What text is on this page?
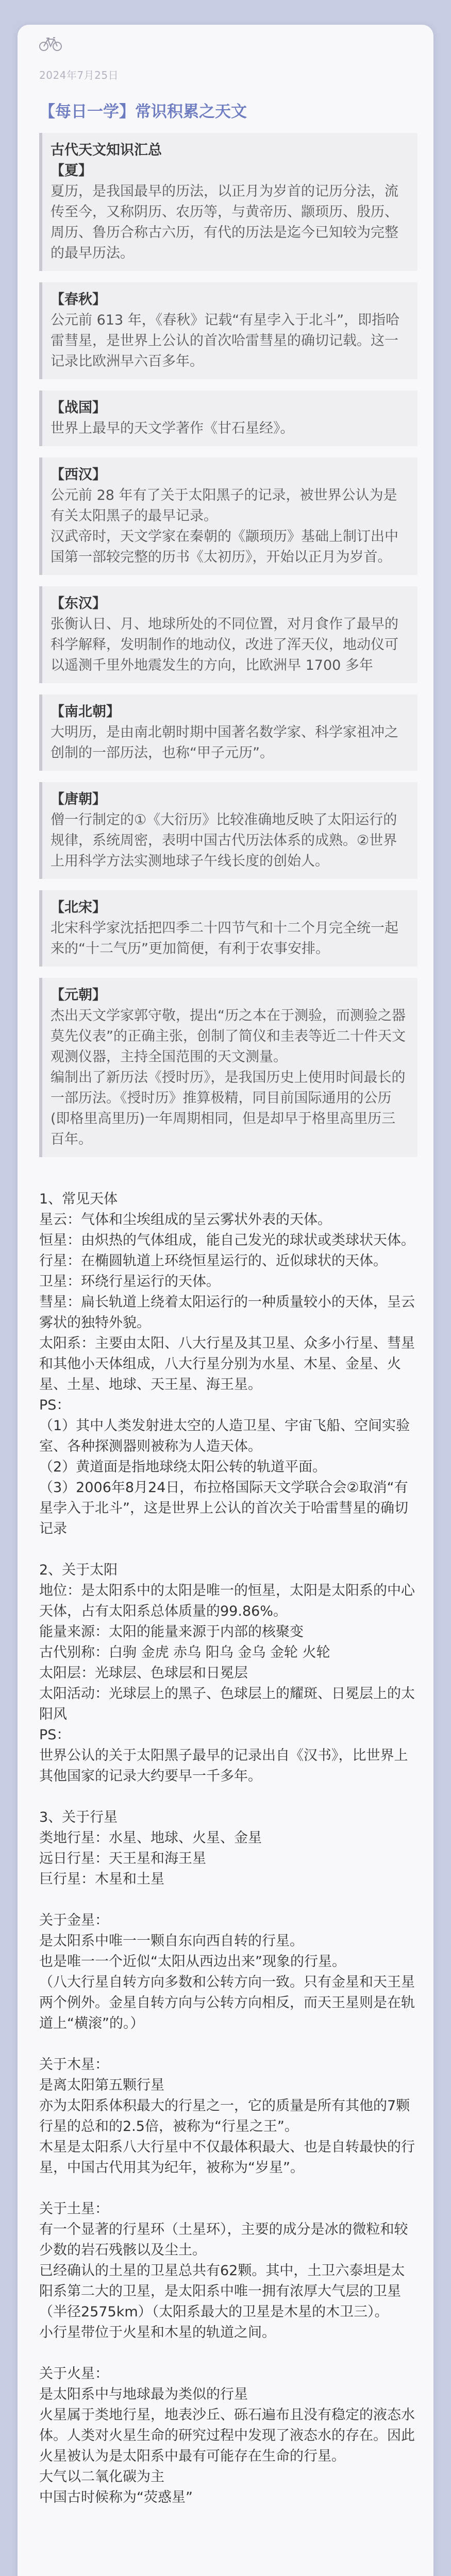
2024年7月25日
【每日一学】常识积累之天文

古代天文知识汇总

【夏】

夏历，是我国最早的历法，以正月为岁首的记历分法，流传至今，又称阴历、农历等，与黄帝历、颛顼历、殷历、周历、鲁历合称古六历，有代的历法是迄今已知较为完整的最早历法。

【春秋】

公元前 613 年，《春秋》记载“有星孛入于北斗”，即指哈雷彗星，是世界上公认的首次哈雷彗星的确切记载。这一记录比欧洲早六百多年。

【战国】

世界上最早的天文学著作《甘石星经》。

【西汉】

公元前 28 年有了关于太阳黑子的记录，被世界公认为是有关太阳黑子的最早记录。

汉武帝时，天文学家在秦朝的《颛顼历》基础上制订出中国第一部较完整的历书《太初历》，开始以正月为岁首。

【东汉】

张衡认日、月、地球所处的不同位置，对月食作了最早的科学解释，发明制作的地动仪，改进了浑天仪，地动仪可以遥测千里外地震发生的方向，比欧洲早 1700 多年

【南北朝】

大明历，是由南北朝时期中国著名数学家、科学家祖冲之创制的一部历法，也称“甲子元历”。

【唐朝】

僧一行制定的①《大衍历》比较准确地反映了太阳运行的规律，系统周密，表明中国古代历法体系的成熟。②世界上用科学方法实测地球子午线长度的创始人。

【北宋】

北宋科学家沈括把四季二十四节气和十二个月完全统一起来的“十二气历”更加简便，有利于农事安排。

【元朝】

杰出天文学家郭守敬，提出“历之本在于测验，而测验之器莫先仪表”的正确主张，创制了简仪和圭表等近二十件天文观测仪器，主持全国范围的天文测量。

编制出了新历法《授时历》，是我国历史上使用时间最长的一部历法。《授时历》推算极精，同目前国际通用的公历(即格里高里历)一年周期相同，但是却早于格里高里历三百年。

1、常见天体

星云：气体和尘埃组成的呈云雾状外表的天体。

恒星：由炽热的气体组成，能自己发光的球状或类球状天体。

行星：在椭圆轨道上环绕恒星运行的、近似球状的天体。

卫星：环绕行星运行的天体。

彗星：扁长轨道上绕着太阳运行的一种质量较小的天体，呈云雾状的独特外貌。

太阳系：主要由太阳、八大行星及其卫星、众多小行星、彗星和其他小天体组成，八大行星分别为水星、木星、金星、火星、土星、地球、天王星、海王星。

PS：

（1）其中人类发射进太空的人造卫星、宇宙飞船、空间实验室、各种探测器则被称为人造天体。

（2）黄道面是指地球绕太阳公转的轨道平面。

（3）2006年8月24日，布拉格国际天文学联合会②取消“有星孛入于北斗”，这是世界上公认的首次关于哈雷彗星的确切记录

2、关于太阳

地位：是太阳系中的太阳是唯一的恒星，太阳是太阳系的中心天体，占有太阳系总体质量的99.86%。

能量来源：太阳的能量来源于内部的核聚变

古代别称：白驹 金虎 赤乌 阳乌 金乌 金轮 火轮

太阳层：光球层、色球层和日冕层

太阳活动：光球层上的黑子、色球层上的耀斑、日冕层上的太阳风

PS：

世界公认的关于太阳黑子最早的记录出自《汉书》，比世界上其他国家的记录大约要早一千多年。

3、关于行星

类地行星：水星、地球、火星、金星

远日行星：天王星和海王星

巨行星：木星和土星

关于金星：

是太阳系中唯一一颗自东向西自转的行星。

也是唯一一个近似“太阳从西边出来”现象的行星。

（八大行星自转方向多数和公转方向一致。只有金星和天王星两个例外。金星自转方向与公转方向相反，而天王星则是在轨道上“横滚”的。）

关于木星：

是离太阳第五颗行星

亦为太阳系体积最大的行星之一，它的质量是所有其他的7颗行星的总和的2.5倍，被称为“行星之王”。

木星是太阳系八大行星中不仅最体积最大、也是自转最快的行星，中国古代用其为纪年，被称为“岁星”。

关于土星：

有一个显著的行星环（土星环），主要的成分是冰的微粒和较少数的岩石残骸以及尘土。

已经确认的土星的卫星总共有62颗。其中，土卫六泰坦是太阳系第二大的卫星，是太阳系中唯一拥有浓厚大气层的卫星（半径2575km）（太阳系最大的卫星是木星的木卫三）。

小行星带位于火星和木星的轨道之间。

关于火星：

是太阳系中与地球最为类似的行星

火星属于类地行星，地表沙丘、砾石遍布且没有稳定的液态水体。人类对火星生命的研究过程中发现了液态水的存在。因此火星被认为是太阳系中最有可能存在生命的行星。

大气以二氧化碳为主

中国古时候称为“荧惑星”
